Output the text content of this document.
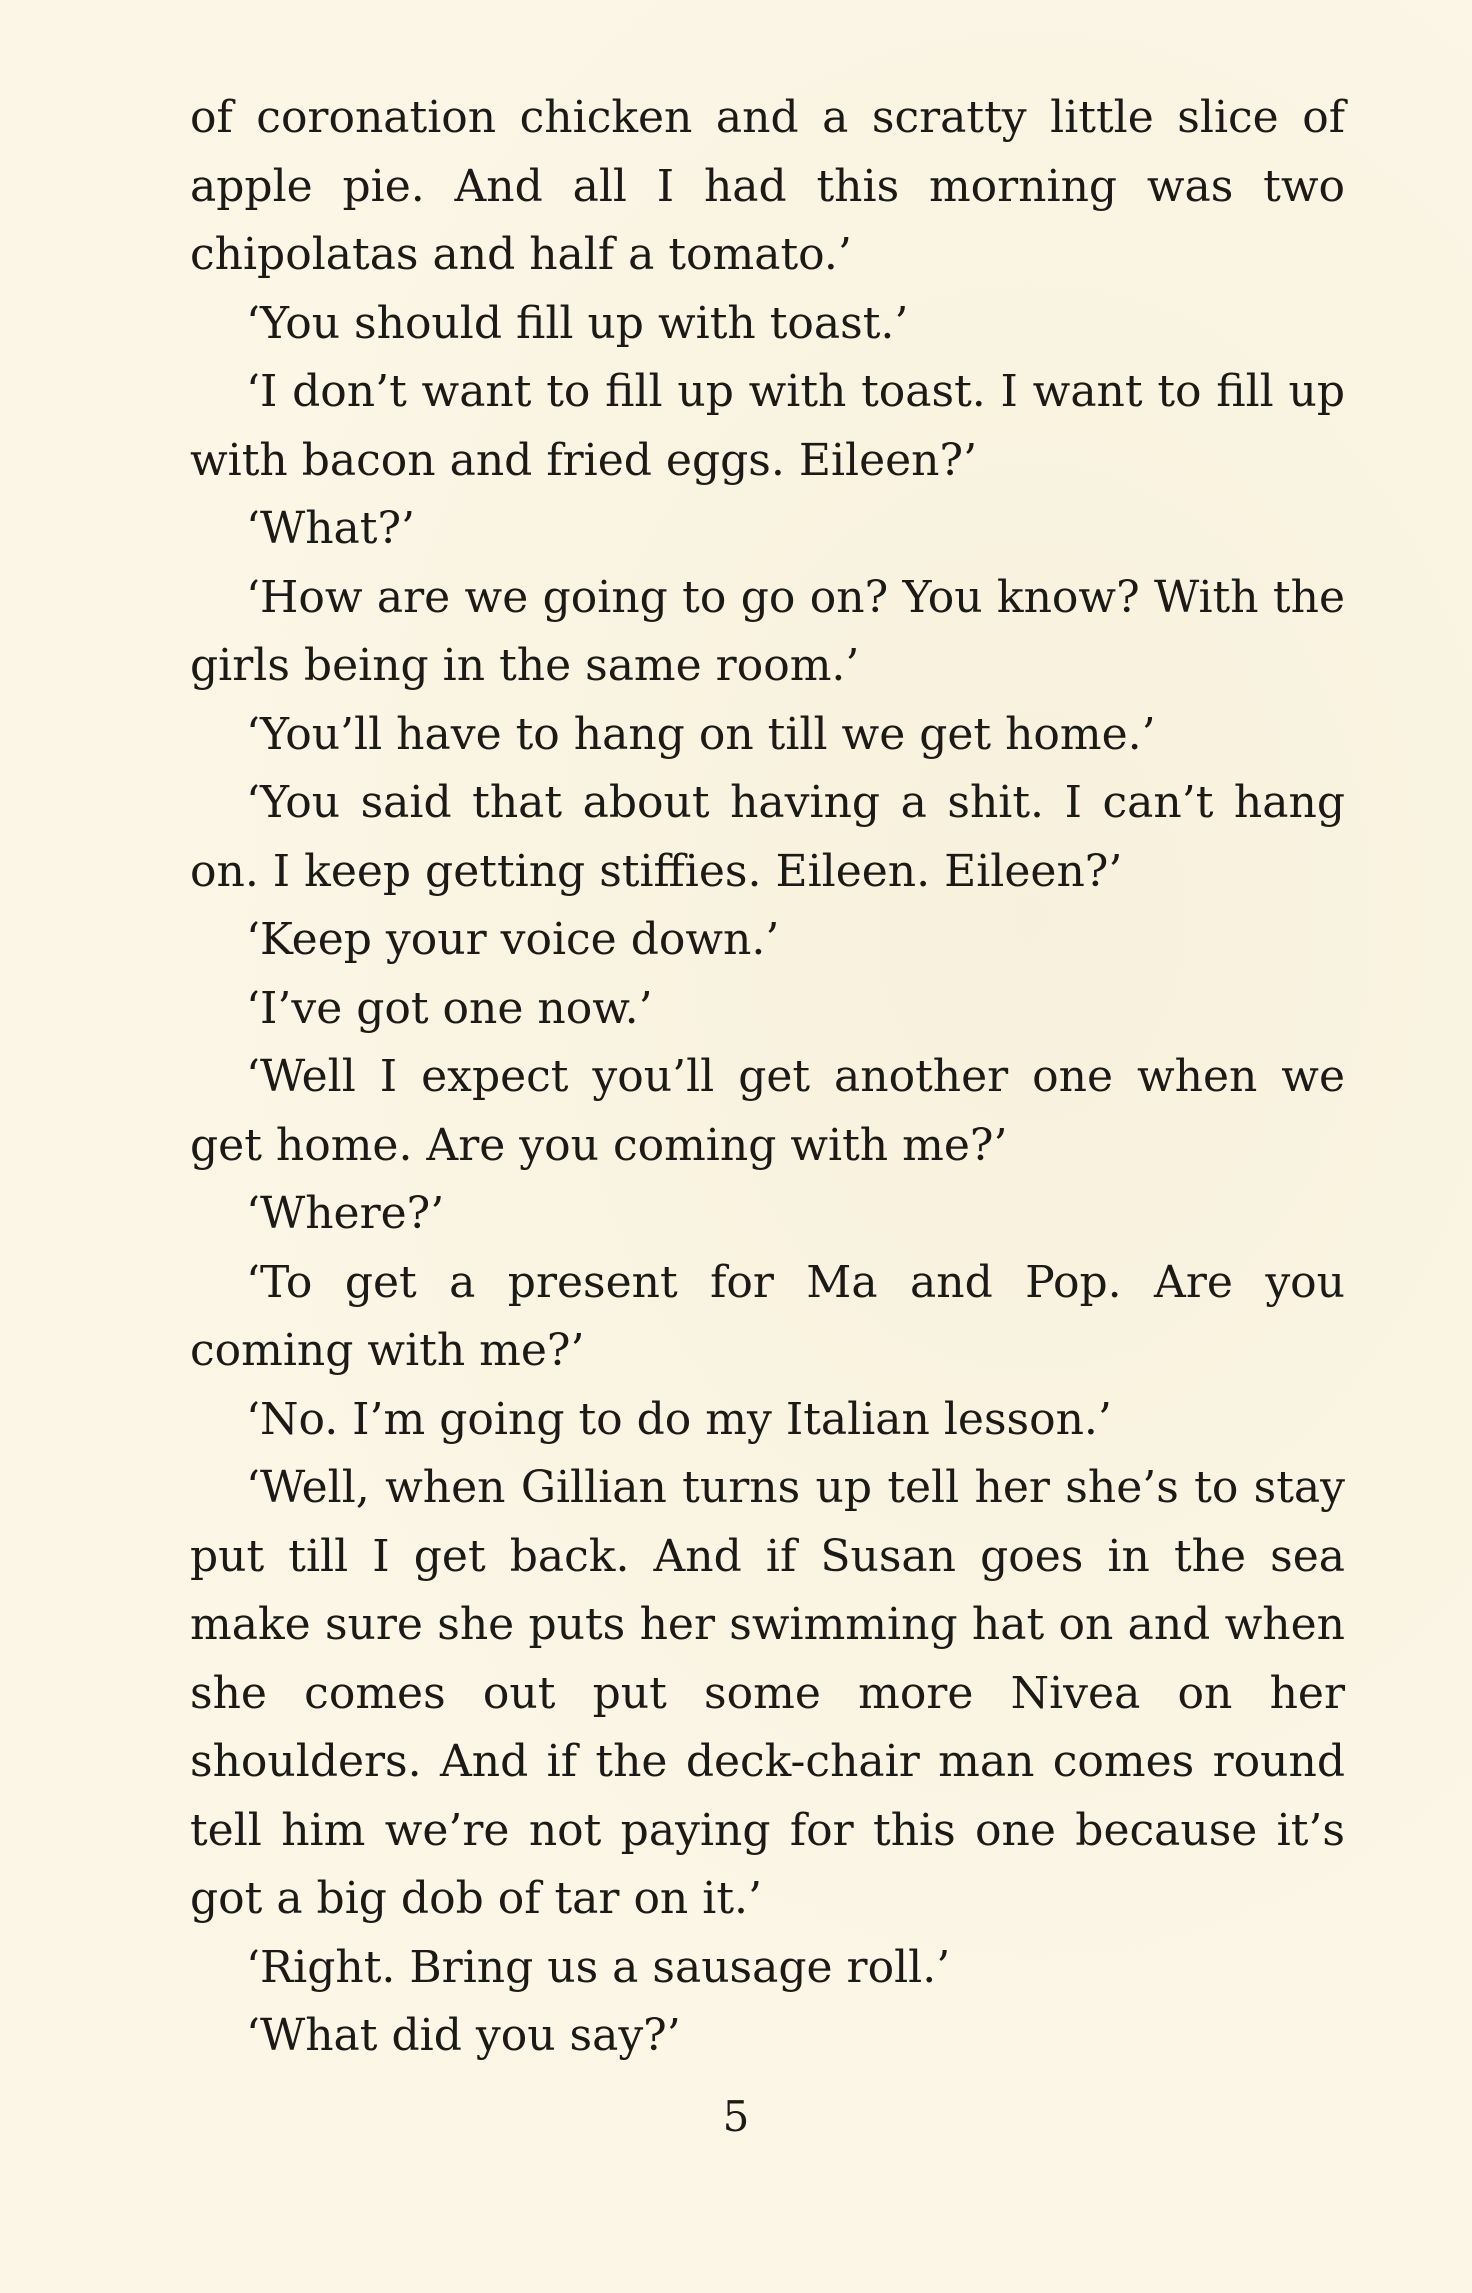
of coronation chicken and a scratty little slice of apple pie. And all I had this morning was two chipolatas and half a tomato.’

‘You should fill up with toast.’

‘I don’t want to fill up with toast. I want to fill up with bacon and fried eggs. Eileen?’

‘What?’

‘How are we going to go on? You know? With the girls being in the same room.’

‘You’ll have to hang on till we get home.’

‘You said that about having a shit. I can’t hang on. I keep getting stiffies. Eileen. Eileen?’

‘Keep your voice down.’

‘I’ve got one now.’

‘Well I expect you’ll get another one when we get home. Are you coming with me?’

‘Where?’

‘To get a present for Ma and Pop. Are you coming with me?’

‘No. I’m going to do my Italian lesson.’

‘Well, when Gillian turns up tell her she’s to stay put till I get back. And if Susan goes in the sea make sure she puts her swimming hat on and when she comes out put some more Nivea on her shoulders. And if the deck-chair man comes round tell him we’re not paying for this one because it’s got a big dob of tar on it.’

‘Right. Bring us a sausage roll.’

‘What did you say?’

5
